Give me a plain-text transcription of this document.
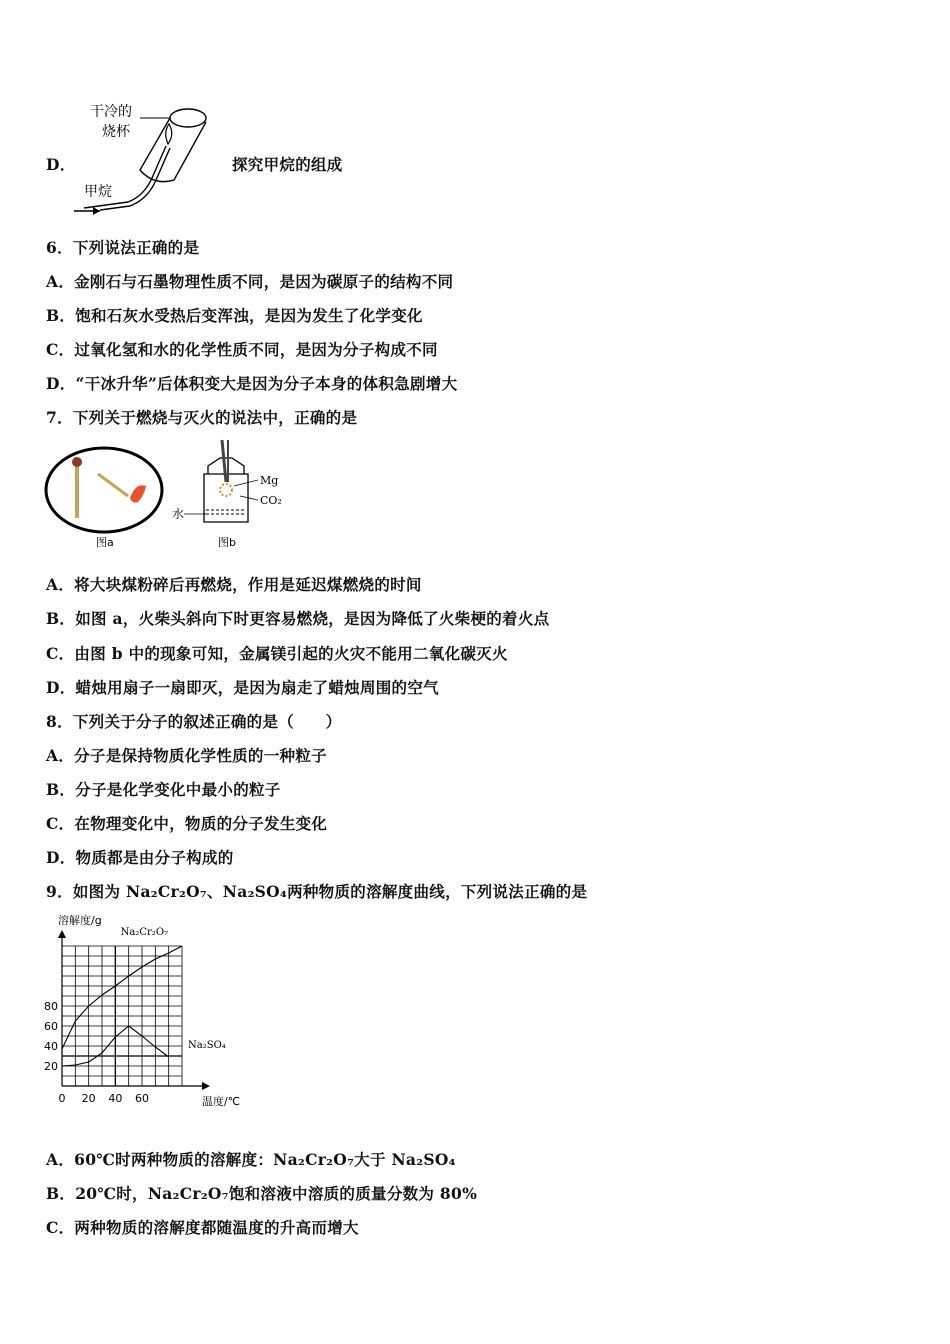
D．
干冷的
烧杯
甲烷
探究甲烷的组成
6．下列说法正确的是
A．金刚石与石墨物理性质不同，是因为碳原子的结构不同
B．饱和石灰水受热后变浑浊，是因为发生了化学变化
C．过氧化氢和水的化学性质不同，是因为分子构成不同
D．“干冰升华”后体积变大是因为分子本身的体积急剧增大
7．下列关于燃烧与灭火的说法中，正确的是
图a
Mg
CO₂
水
图b
A．将大块煤粉碎后再燃烧，作用是延迟煤燃烧的时间
B．如图 a，火柴头斜向下时更容易燃烧，是因为降低了火柴梗的着火点
C．由图 b 中的现象可知，金属镁引起的火灾不能用二氧化碳灭火
D．蜡烛用扇子一扇即灭，是因为扇走了蜡烛周围的空气
8．下列关于分子的叙述正确的是（　　）
A．分子是保持物质化学性质的一种粒子
B．分子是化学变化中最小的粒子
C．在物理变化中，物质的分子发生变化
D．物质都是由分子构成的
9．如图为 Na₂Cr₂O₇、Na₂SO₄两种物质的溶解度曲线，下列说法正确的是
0 20 40 60
20
40
60
80
溶解度/g
温度/℃
Na₂Cr₂O₇
Na₂SO₄
A．60℃时两种物质的溶解度：Na₂Cr₂O₇大于 Na₂SO₄
B．20℃时，Na₂Cr₂O₇饱和溶液中溶质的质量分数为 80%
C．两种物质的溶解度都随温度的升高而增大
